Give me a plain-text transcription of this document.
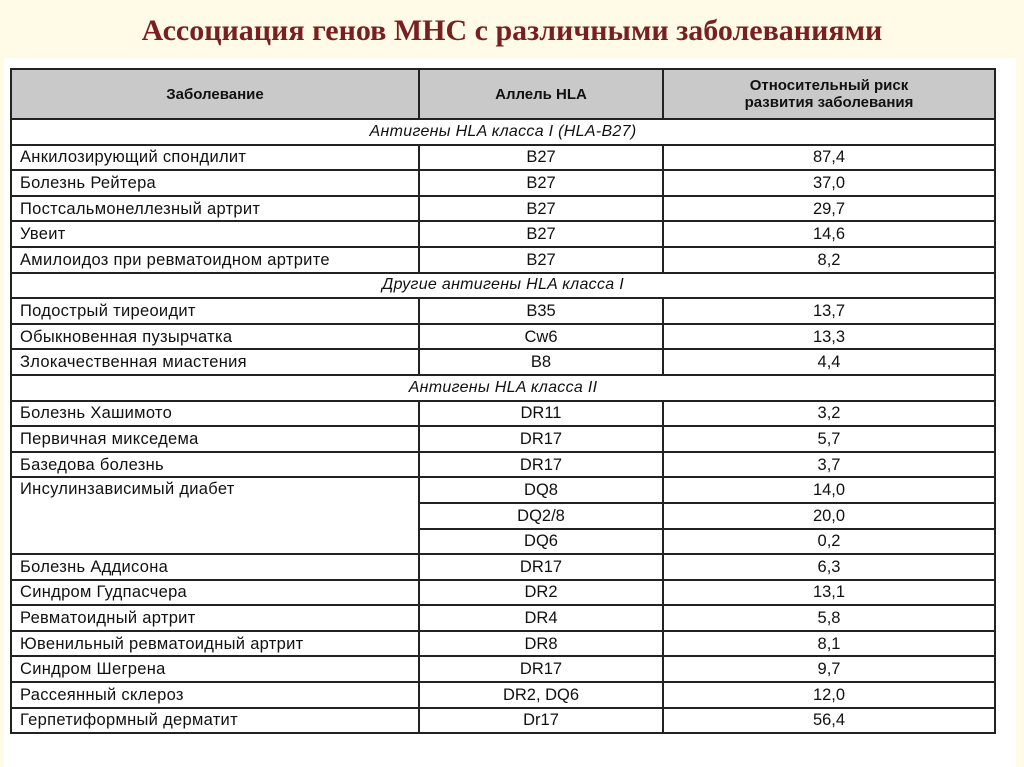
Ассоциация генов МНС с различными заболеваниями
Заболевание	Аллель HLA	Относительный риск
развития заболевания
Антигены HLA класса I (HLA-B27)		
Анкилозирующий спондилит	B27	87,4
Болезнь Рейтера	B27	37,0
Постсальмонеллезный артрит	B27	29,7
Увеит	B27	14,6
Амилоидоз при ревматоидном артрите	B27	8,2
Другие антигены HLA класса I		
Подострый тиреоидит	B35	13,7
Обыкновенная пузырчатка	Cw6	13,3
Злокачественная миастения	B8	4,4
Антигены HLA класса II		
Болезнь Хашимото	DR11	3,2
Первичная микседема	DR17	5,7
Базедова болезнь	DR17	3,7
Инсулинзависимый диабет	DQ8	14,0
	DQ2/8	20,0
	DQ6	0,2
Болезнь Аддисона	DR17	6,3
Синдром Гудпасчера	DR2	13,1
Ревматоидный артрит	DR4	5,8
Ювенильный ревматоидный артрит	DR8	8,1
Синдром Шегрена	DR17	9,7
Рассеянный склероз	DR2, DQ6	12,0
Герпетиформный дерматит	Dr17	56,4
